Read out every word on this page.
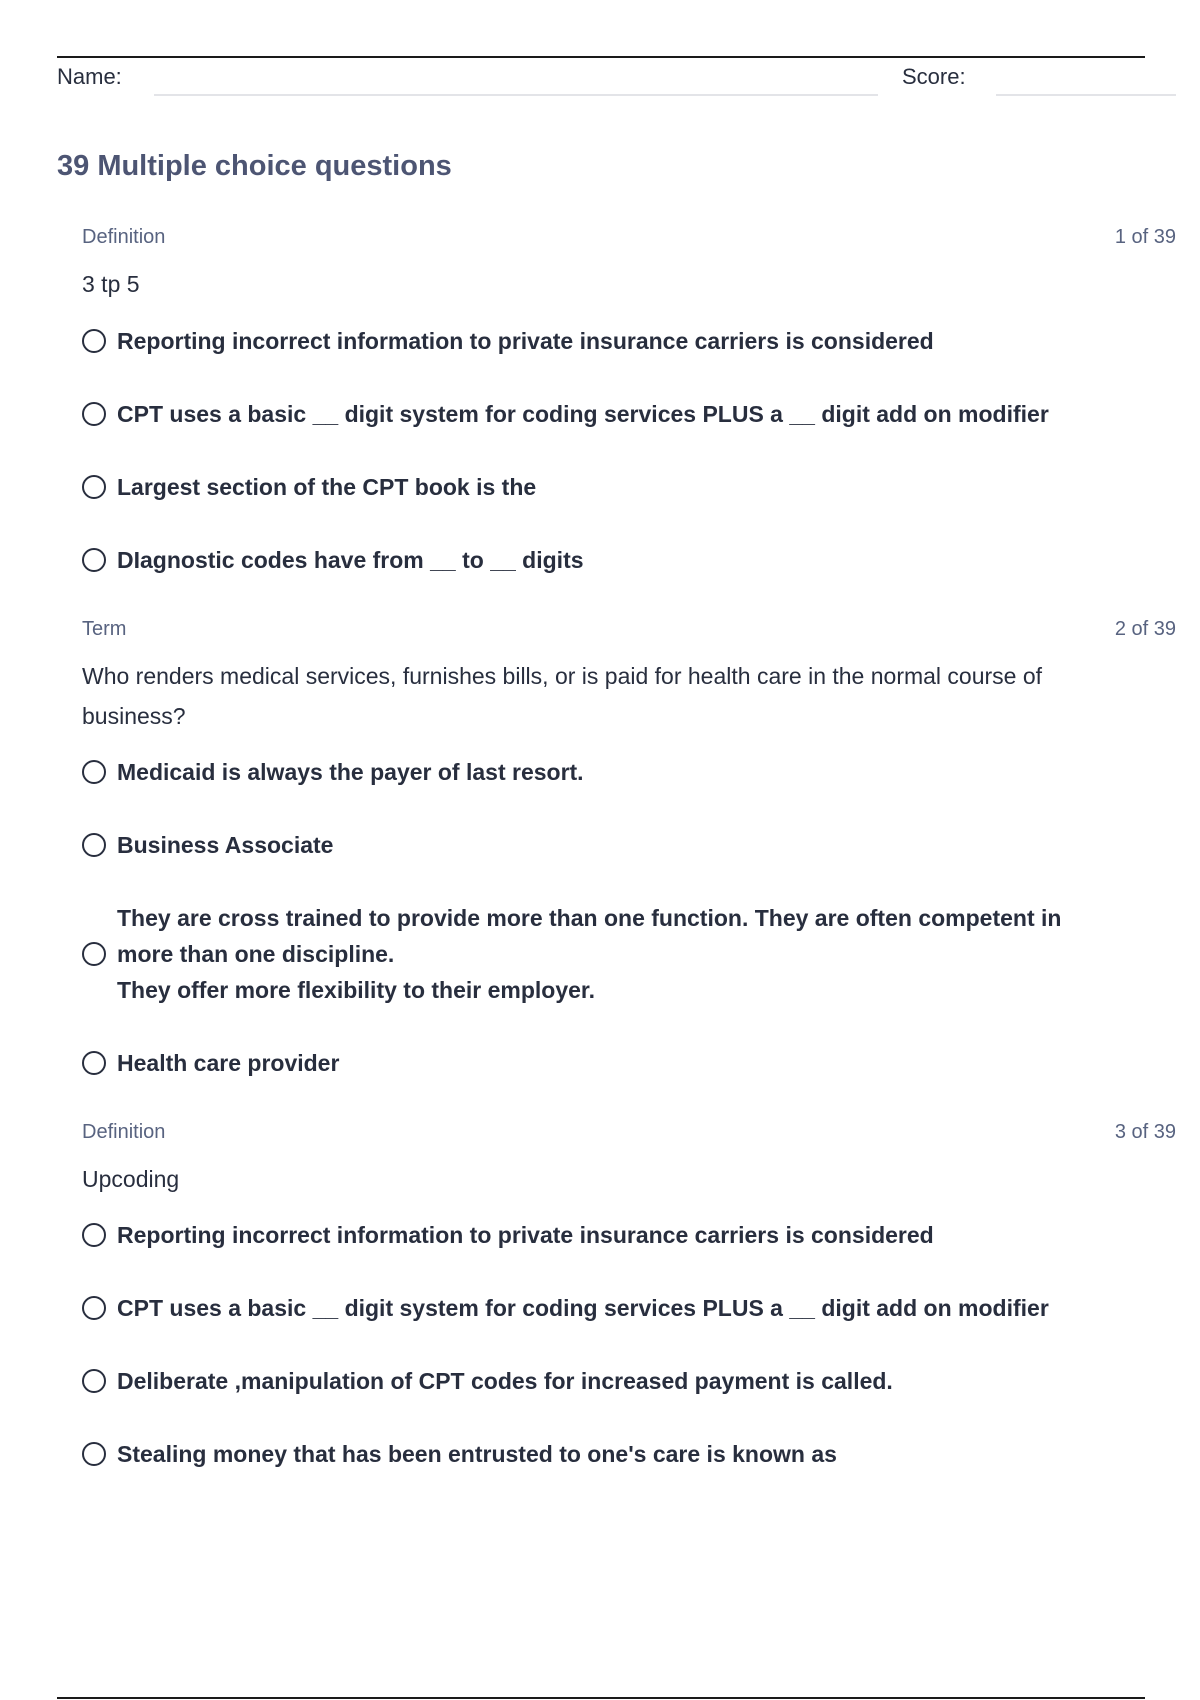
Name:	Score:
39 Multiple choice questions
Definition	1 of 39
3 tp 5
Reporting incorrect information to private insurance carriers is considered
CPT uses a basic __ digit system for coding services PLUS a __ digit add on modifier
Largest section of the CPT book is the
DIagnostic codes have from __ to __ digits
Term	2 of 39
Who renders medical services, furnishes bills, or is paid for health care in the normal course of business?
Medicaid is always the payer of last resort.
Business Associate
They are cross trained to provide more than one function. They are often competent in more than one discipline.
They offer more flexibility to their employer.
Health care provider
Definition	3 of 39
Upcoding
Reporting incorrect information to private insurance carriers is considered
CPT uses a basic __ digit system for coding services PLUS a __ digit add on modifier
Deliberate ,manipulation of CPT codes for increased payment is called.
Stealing money that has been entrusted to one's care is known as
